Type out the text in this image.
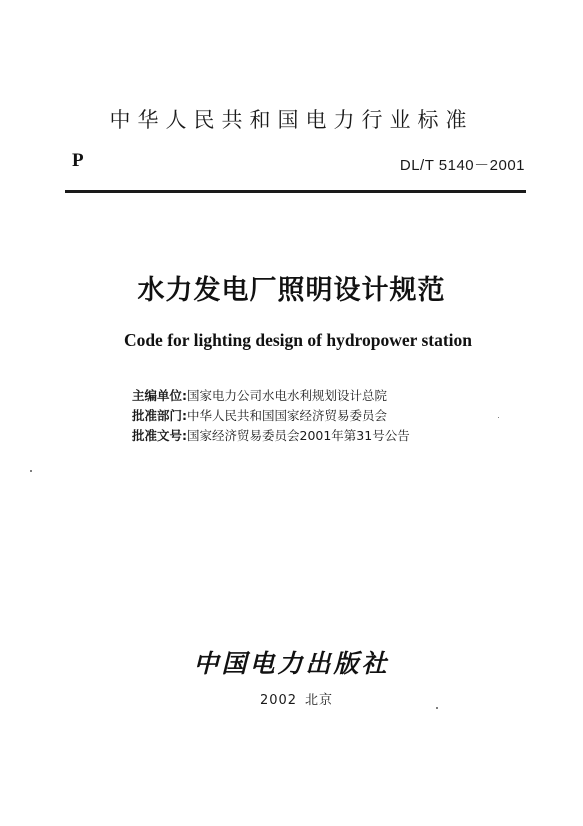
中华人民共和国电力行业标准
P	DL/T 5140－2001
水力发电厂照明设计规范
Code for lighting design of hydropower station
主编单位:国家电力公司水电水利规划设计总院
批准部门:中华人民共和国国家经济贸易委员会
批准文号:国家经济贸易委员会2001年第31号公告
中国电力出版社
2002 北京
